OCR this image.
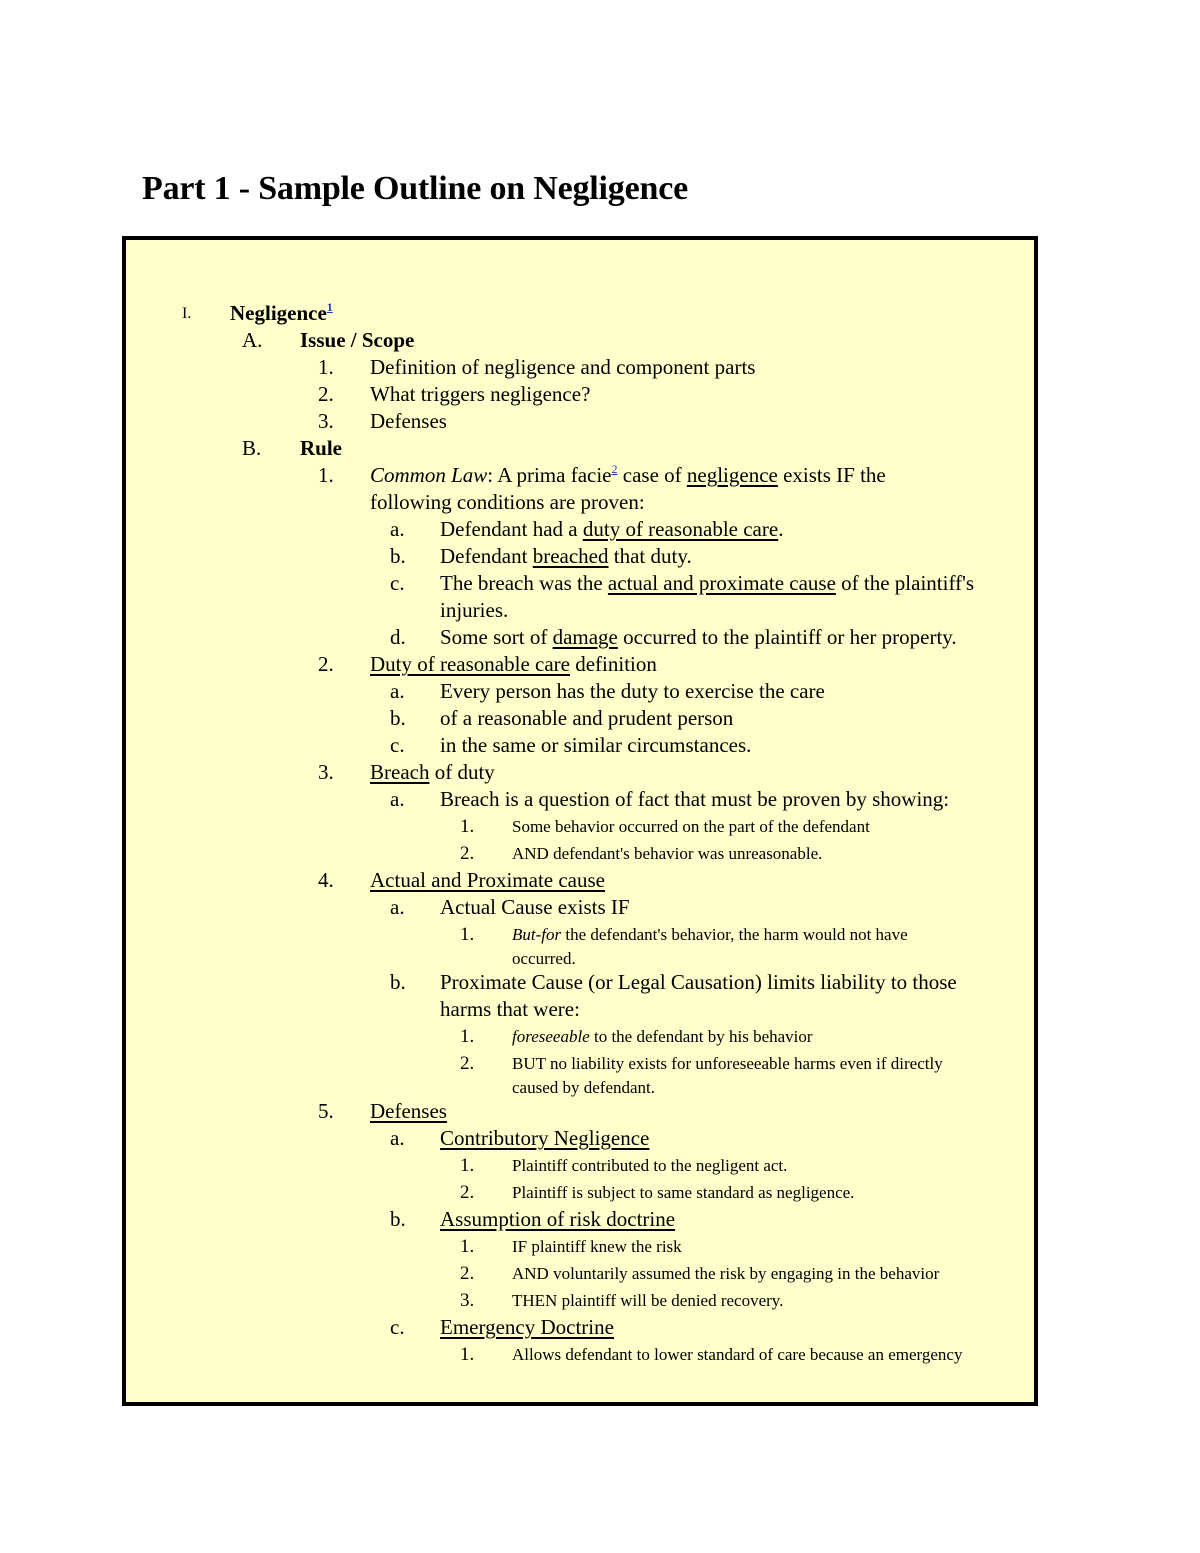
Part 1 - Sample Outline on Negligence
I. Negligence$^1$
A. Issue / Scope
1. Definition of negligence and component parts
2. What triggers negligence?
3. Defenses
B. Rule
1. Common Law: A prima facie$^2$ case of negligence exists IF the
following conditions are proven:
a. Defendant had a duty of reasonable care.
b. Defendant breached that duty.
c. The breach was the actual and proximate cause of the plaintiff's
injuries.
d. Some sort of damage occurred to the plaintiff or her property.
2. Duty of reasonable care definition
a. Every person has the duty to exercise the care
b. of a reasonable and prudent person
c. in the same or similar circumstances.
3. Breach of duty
a. Breach is a question of fact that must be proven by showing:
1. Some behavior occurred on the part of the defendant
2. AND defendant's behavior was unreasonable.
4. Actual and Proximate cause
a. Actual Cause exists IF
1. But-for the defendant's behavior, the harm would not have
occurred.
b. Proximate Cause (or Legal Causation) limits liability to those
harms that were:
1. foreseeable to the defendant by his behavior
2. BUT no liability exists for unforeseeable harms even if directly
caused by defendant.
5. Defenses
a. Contributory Negligence
1. Plaintiff contributed to the negligent act.
2. Plaintiff is subject to same standard as negligence.
b. Assumption of risk doctrine
1. IF plaintiff knew the risk
2. AND voluntarily assumed the risk by engaging in the behavior
3. THEN plaintiff will be denied recovery.
c. Emergency Doctrine
1. Allows defendant to lower standard of care because an emergency
